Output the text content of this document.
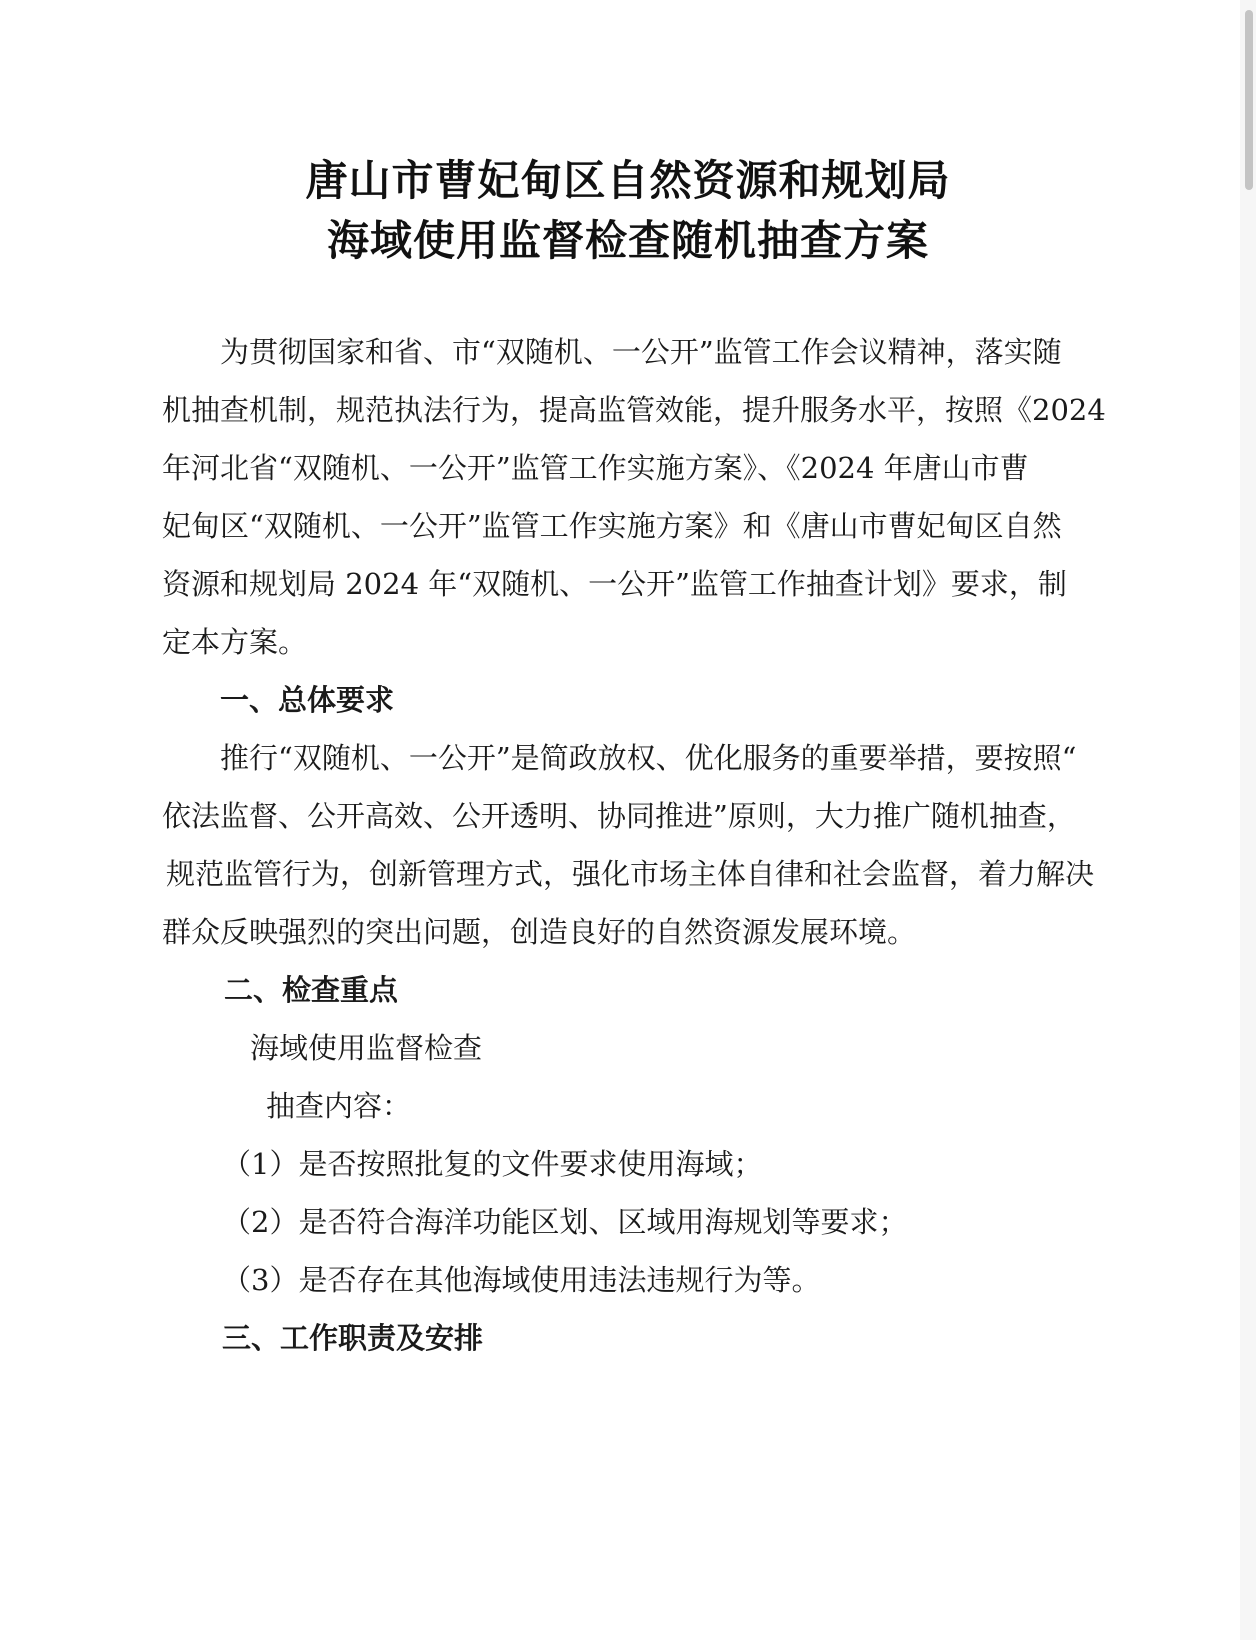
唐山市曹妃甸区自然资源和规划局
海域使用监督检查随机抽查方案
为贯彻国家和省、市“双随机、一公开”监管工作会议精神，落实随
机抽查机制，规范执法行为，提高监管效能，提升服务水平，按照《2024
年河北省“双随机、一公开”监管工作实施方案》、《2024 年唐山市曹
妃甸区“双随机、一公开”监管工作实施方案》和《唐山市曹妃甸区自然
资源和规划局 2024 年“双随机、一公开”监管工作抽查计划》要求，制
定本方案。
一、总体要求
推行“双随机、一公开”是简政放权、优化服务的重要举措，要按照“
依法监督、公开高效、公开透明、协同推进”原则，大力推广随机抽查，
规范监管行为，创新管理方式，强化市场主体自律和社会监督，着力解决
群众反映强烈的突出问题，创造良好的自然资源发展环境。
二、检查重点
海域使用监督检查
抽查内容：
（1）是否按照批复的文件要求使用海域；
（2）是否符合海洋功能区划、区域用海规划等要求；
（3）是否存在其他海域使用违法违规行为等。
三、工作职责及安排
